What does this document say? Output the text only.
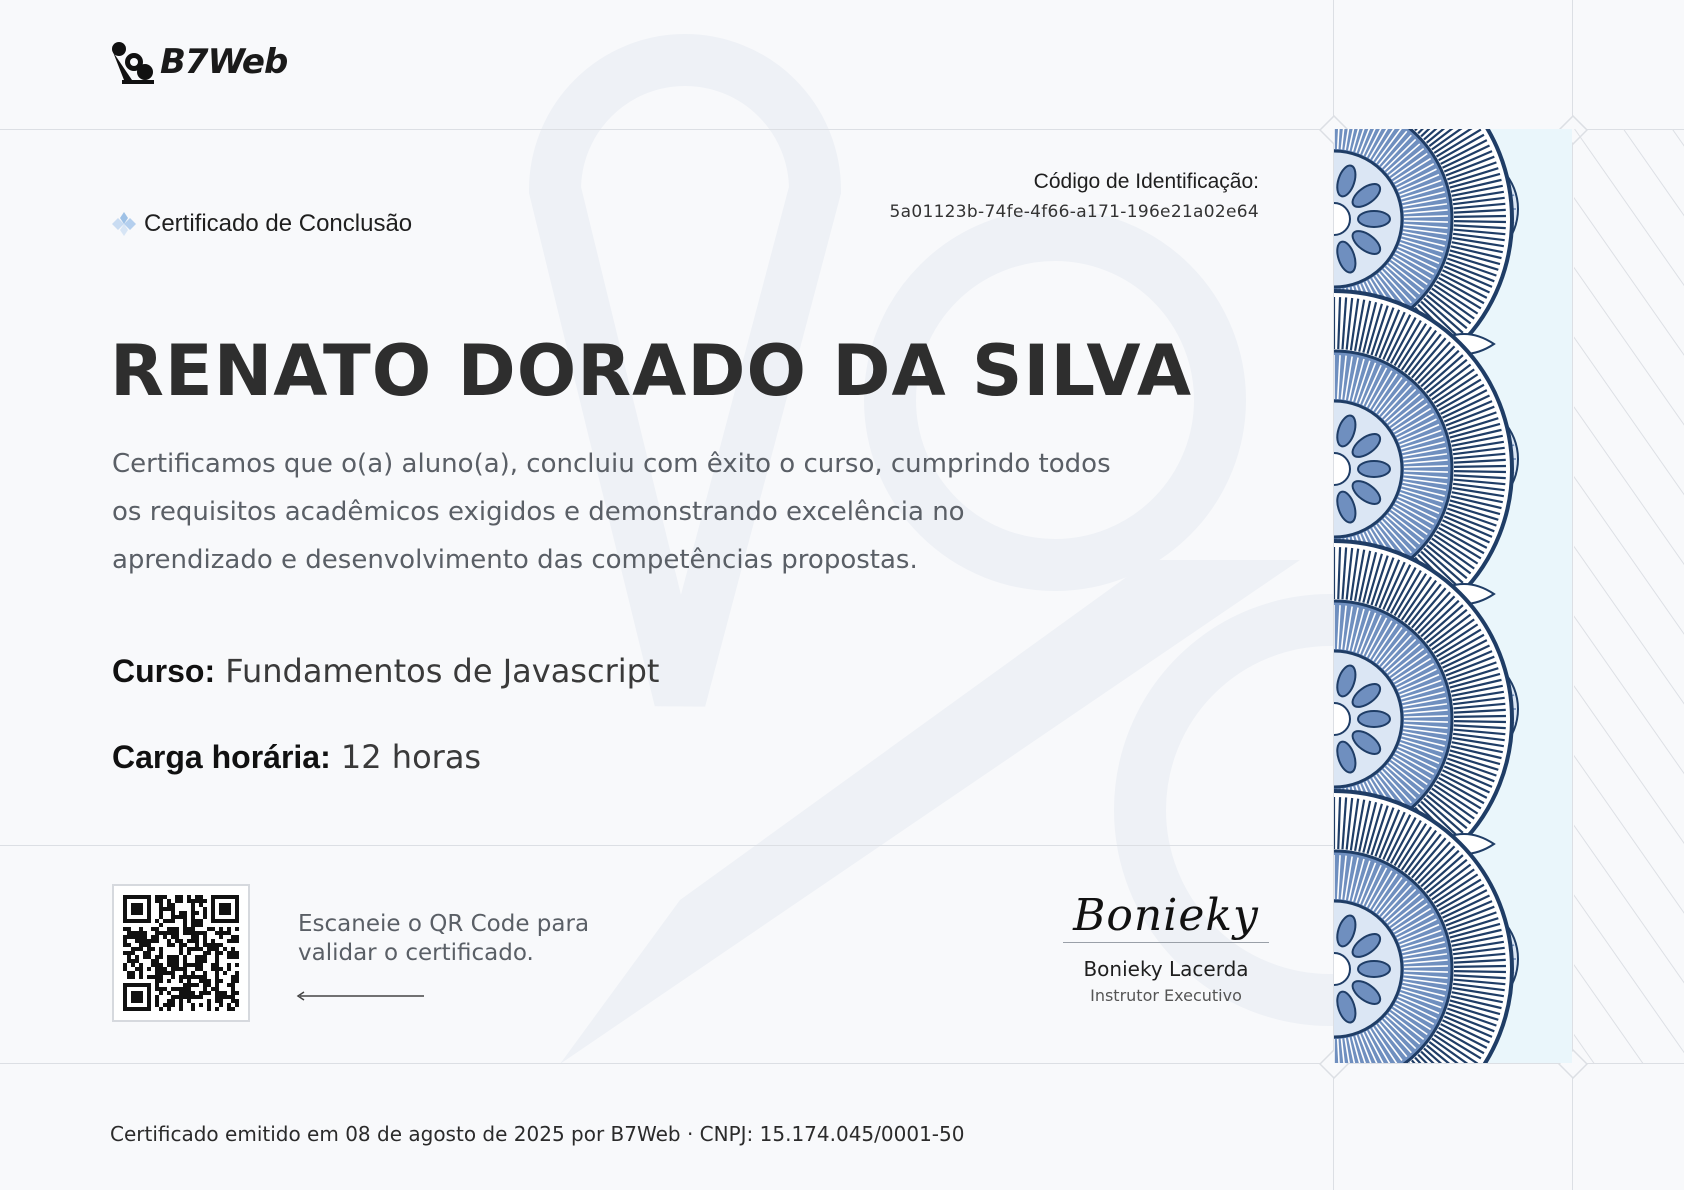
B7Web
Certificado de Conclusão
Código de Identificação:
5a01123b-74fe-4f66-a171-196e21a02e64
RENATO DORADO DA SILVA
Certificamos que o(a) aluno(a), concluiu com êxito o curso, cumprindo todos os requisitos acadêmicos exigidos e demonstrando excelência no aprendizado e desenvolvimento das competências propostas.
Curso: Fundamentos de Javascript
Carga horária: 12 horas
Escaneie o QR Code para validar o certificado.
Bonieky
Bonieky Lacerda
Instrutor Executivo
Certificado emitido em 08 de agosto de 2025 por B7Web · CNPJ: 15.174.045/0001-50
